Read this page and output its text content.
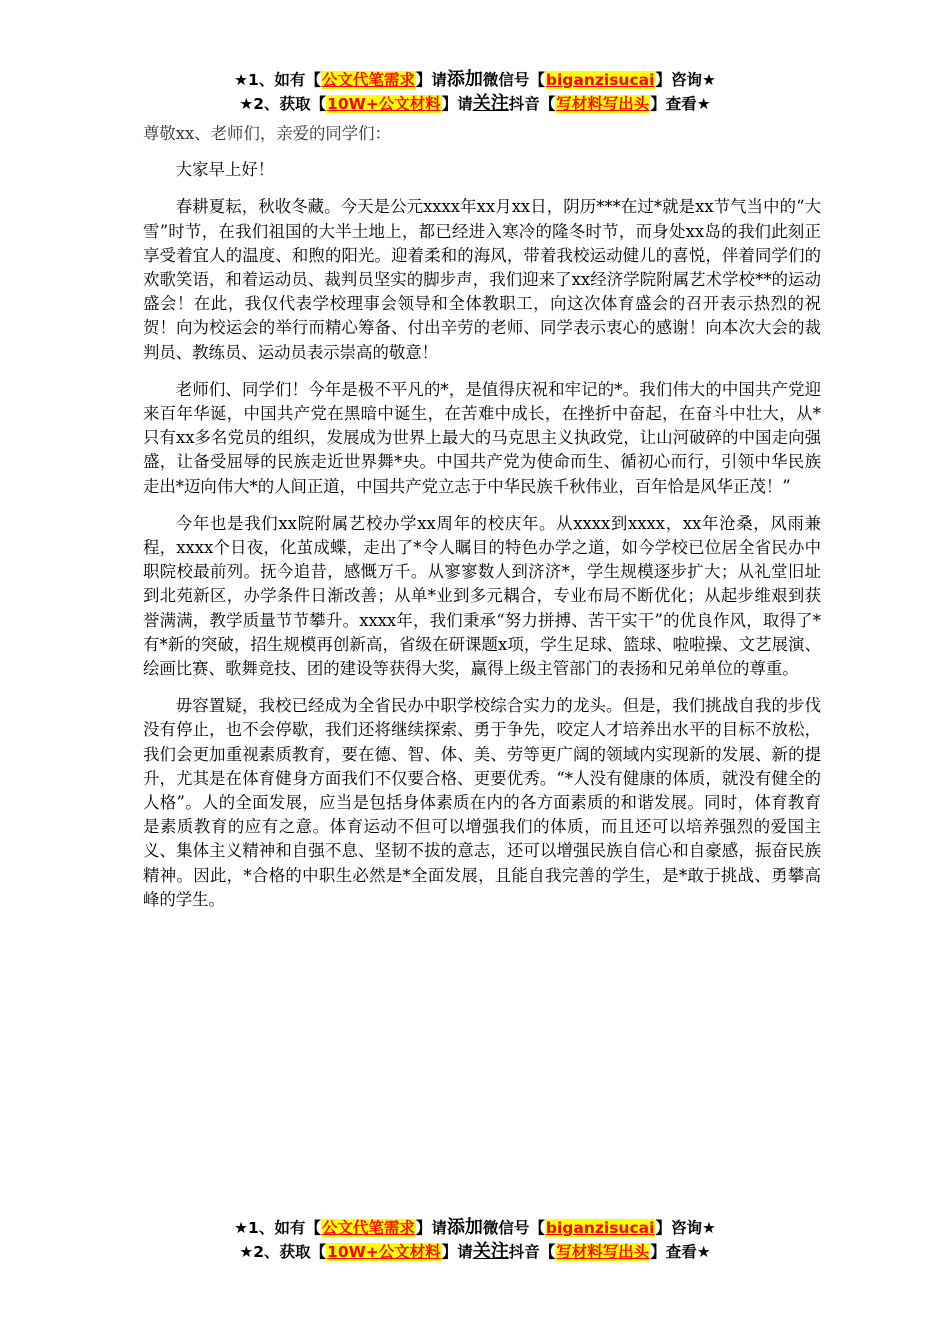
★1、如有【公文代笔需求】请添加微信号【biganzisucai】咨询★
★2、获取【10W+公文材料】请关注抖音【写材料写出头】查看★

尊敬xx、老师们，亲爱的同学们：

大家早上好！

春耕夏耘，秋收冬藏。今天是公元xxxx年xx月xx日，阴历***在过*就是xx节气当中的“大雪”时节，在我们祖国的大半土地上，都已经进入寒冷的隆冬时节，而身处xx岛的我们此刻正享受着宜人的温度、和煦的阳光。迎着柔和的海风，带着我校运动健儿的喜悦，伴着同学们的欢歌笑语，和着运动员、裁判员坚实的脚步声，我们迎来了xx经济学院附属艺术学校**的运动盛会！在此，我仅代表学校理事会领导和全体教职工，向这次体育盛会的召开表示热烈的祝贺！向为校运会的举行而精心筹备、付出辛劳的老师、同学表示衷心的感谢！向本次大会的裁判员、教练员、运动员表示崇高的敬意！

老师们、同学们！今年是极不平凡的*，是值得庆祝和牢记的*。我们伟大的中国共产党迎来百年华诞，中国共产党在黑暗中诞生，在苦难中成长，在挫折中奋起，在奋斗中壮大，从*只有xx多名党员的组织，发展成为世界上最大的马克思主义执政党，让山河破碎的中国走向强盛，让备受屈辱的民族走近世界舞*央。中国共产党为使命而生、循初心而行，引领中华民族走出*迈向伟大*的人间正道，中国共产党立志于中华民族千秋伟业，百年恰是风华正茂！”

今年也是我们xx院附属艺校办学xx周年的校庆年。从xxxx到xxxx，xx年沧桑，风雨兼程，xxxx个日夜，化茧成蝶，走出了*令人瞩目的特色办学之道，如今学校已位居全省民办中职院校最前列。抚今追昔，感慨万千。从寥寥数人到济济*，学生规模逐步扩大；从礼堂旧址到北苑新区，办学条件日渐改善；从单*业到多元耦合，专业布局不断优化；从起步维艰到获誉满满，教学质量节节攀升。xxxx年，我们秉承“努力拼搏、苦干实干”的优良作风，取得了*有*新的突破，招生规模再创新高，省级在研课题x项，学生足球、篮球、啦啦操、文艺展演、绘画比赛、歌舞竞技、团的建设等获得大奖，赢得上级主管部门的表扬和兄弟单位的尊重。

毋容置疑，我校已经成为全省民办中职学校综合实力的龙头。但是，我们挑战自我的步伐没有停止，也不会停歇，我们还将继续探索、勇于争先，咬定人才培养出水平的目标不放松，我们会更加重视素质教育，要在德、智、体、美、劳等更广阔的领域内实现新的发展、新的提升，尤其是在体育健身方面我们不仅要合格、更要优秀。“*人没有健康的体质，就没有健全的人格”。人的全面发展，应当是包括身体素质在内的各方面素质的和谐发展。同时，体育教育是素质教育的应有之意。体育运动不但可以增强我们的体质，而且还可以培养强烈的爱国主义、集体主义精神和自强不息、坚韧不拔的意志，还可以增强民族自信心和自豪感，振奋民族精神。因此，*合格的中职生必然是*全面发展，且能自我完善的学生，是*敢于挑战、勇攀高峰的学生。

★1、如有【公文代笔需求】请添加微信号【biganzisucai】咨询★
★2、获取【10W+公文材料】请关注抖音【写材料写出头】查看★
